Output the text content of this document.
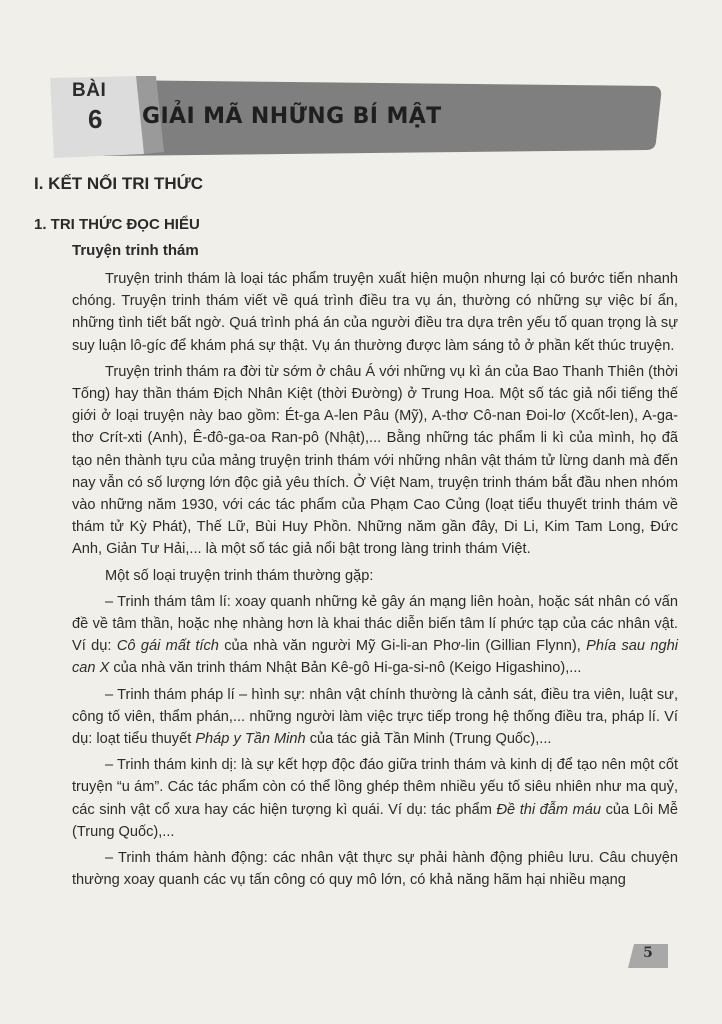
BÀI
6 GIẢI MÃ NHỮNG BÍ MẬT
I. KẾT NỐI TRI THỨC
1. TRI THỨC ĐỌC HIỂU
Truyện trinh thám

Truyện trinh thám là loại tác phẩm truyện xuất hiện muộn nhưng lại có bước tiến nhanh chóng. Truyện trinh thám viết về quá trình điều tra vụ án, thường có những sự việc bí ẩn, những tình tiết bất ngờ. Quá trình phá án của người điều tra dựa trên yếu tố quan trọng là sự suy luận lô-gíc để khám phá sự thật. Vụ án thường được làm sáng tỏ ở phần kết thúc truyện.

Truyện trinh thám ra đời từ sớm ở châu Á với những vụ kì án của Bao Thanh Thiên (thời Tống) hay thần thám Địch Nhân Kiệt (thời Đường) ở Trung Hoa. Một số tác giả nổi tiếng thế giới ở loại truyện này bao gồm: Ét-ga A-len Pâu (Mỹ), A-thơ Cô-nan Đoi-lơ (Xcốt-len), A-ga-thơ Crít-xti (Anh), Ê-đô-ga-oa Ran-pô (Nhật),... Bằng những tác phẩm li kì của mình, họ đã tạo nên thành tựu của mảng truyện trinh thám với những nhân vật thám tử lừng danh mà đến nay vẫn có số lượng lớn độc giả yêu thích. Ở Việt Nam, truyện trinh thám bắt đầu nhen nhóm vào những năm 1930, với các tác phẩm của Phạm Cao Củng (loạt tiểu thuyết trinh thám về thám tử Kỳ Phát), Thế Lữ, Bùi Huy Phồn. Những năm gần đây, Di Li, Kim Tam Long, Đức Anh, Giản Tư Hải,... là một số tác giả nổi bật trong làng trinh thám Việt.

Một số loại truyện trinh thám thường gặp:

– Trinh thám tâm lí: xoay quanh những kẻ gây án mạng liên hoàn, hoặc sát nhân có vấn đề về tâm thần, hoặc nhẹ nhàng hơn là khai thác diễn biến tâm lí phức tạp của các nhân vật. Ví dụ: Cô gái mất tích của nhà văn người Mỹ Gi-li-an Phơ-lin (Gillian Flynn), Phía sau nghi can X của nhà văn trinh thám Nhật Bản Kê-gô Hi-ga-si-nô (Keigo Higashino),...

– Trinh thám pháp lí – hình sự: nhân vật chính thường là cảnh sát, điều tra viên, luật sư, công tố viên, thẩm phán,... những người làm việc trực tiếp trong hệ thống điều tra, pháp lí. Ví dụ: loạt tiểu thuyết Pháp y Tần Minh của tác giả Tần Minh (Trung Quốc),...

– Trinh thám kinh dị: là sự kết hợp độc đáo giữa trinh thám và kinh dị để tạo nên một cốt truyện “u ám”. Các tác phẩm còn có thể lồng ghép thêm nhiều yếu tố siêu nhiên như ma quỷ, các sinh vật cổ xưa hay các hiện tượng kì quái. Ví dụ: tác phẩm Đề thi đẫm máu của Lôi Mễ (Trung Quốc),...

– Trinh thám hành động: các nhân vật thực sự phải hành động phiêu lưu. Câu chuyện thường xoay quanh các vụ tấn công có quy mô lớn, có khả năng hãm hại nhiều mạng

5
